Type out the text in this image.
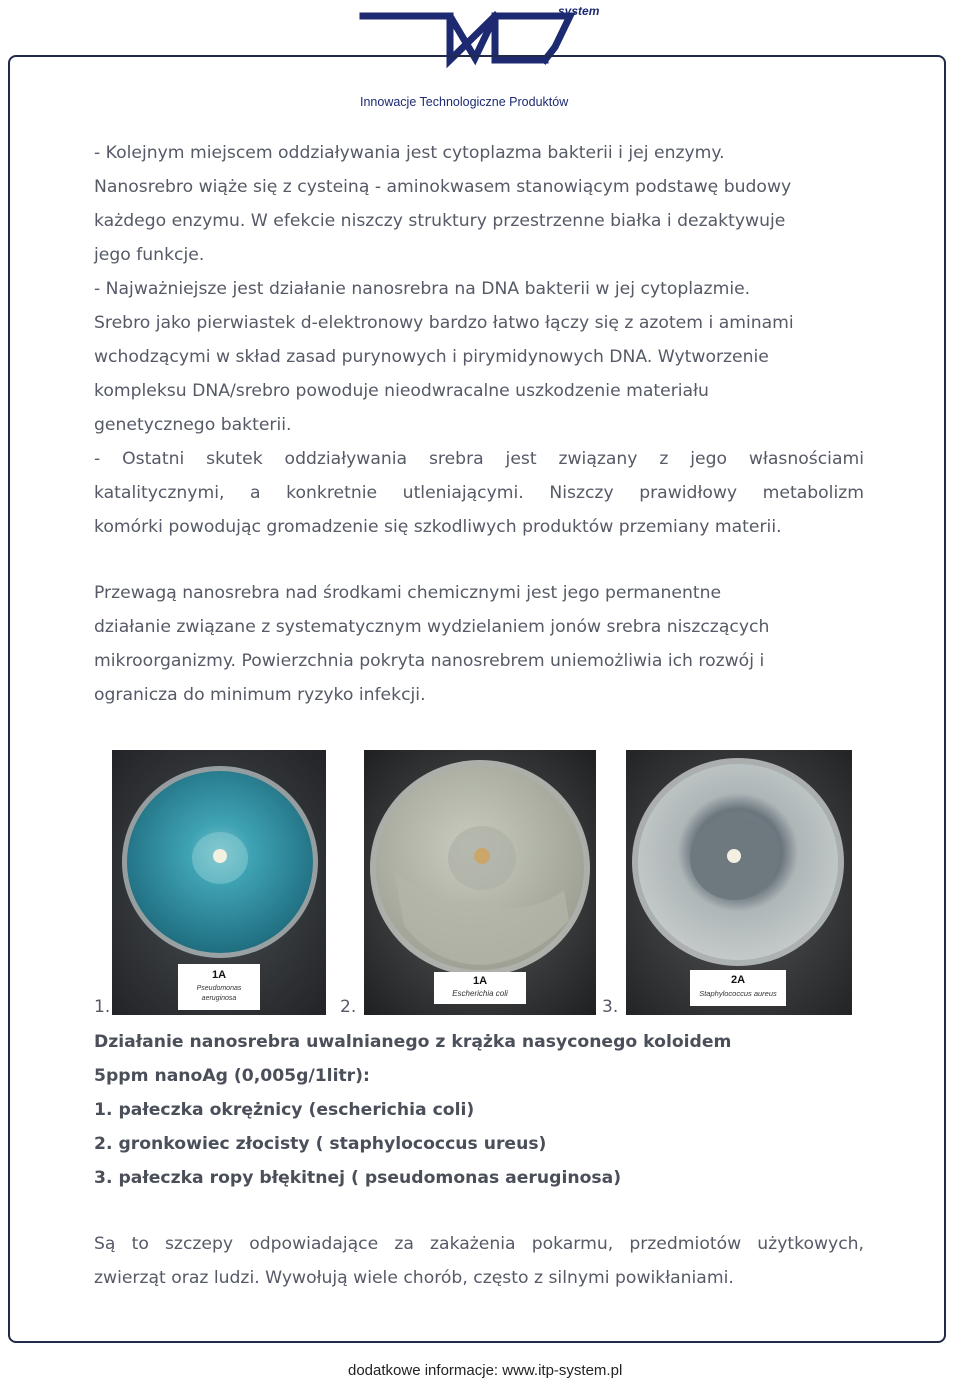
system
Innowacje Technologiczne Produktów

- Kolejnym miejscem oddziaływania jest cytoplazma bakterii i jej enzymy.

Nanosrebro wiąże się z cysteiną - aminokwasem stanowiącym podstawę budowy

każdego enzymu. W efekcie niszczy struktury przestrzenne białka i dezaktywuje

jego funkcje.

- Najważniejsze jest działanie nanosrebra na DNA bakterii w jej cytoplazmie.

Srebro jako pierwiastek d-elektronowy bardzo łatwo łączy się z azotem i aminami

wchodzącymi w skład zasad purynowych i pirymidynowych DNA. Wytworzenie

kompleksu DNA/srebro powoduje nieodwracalne uszkodzenie materiału

genetycznego bakterii.

- Ostatni skutek oddziaływania srebra jest związany z jego własnościami

katalitycznymi, a konkretnie utleniającymi. Niszczy prawidłowy metabolizm

komórki powodując gromadzenie się szkodliwych produktów przemiany materii.

Przewagą nanosrebra nad środkami chemicznymi jest jego permanentne

działanie związane z systematycznym wydzielaniem jonów srebra niszczących

mikroorganizmy. Powierzchnia pokryta nanosrebrem uniemożliwia ich rozwój i

ogranicza do minimum ryzyko infekcji.

1.	2.	3.
1A
Pseudomonas
aeruginosa
1A
Escherichia coli
2A
Staphylococcus aureus

Działanie nanosrebra uwalnianego z krążka nasyconego koloidem

5ppm nanoAg (0,005g/1litr):

1. pałeczka okrężnicy (escherichia coli)

2. gronkowiec złocisty ( staphylococcus ureus)

3. pałeczka ropy błękitnej ( pseudomonas aeruginosa)

Są to szczepy odpowiadające za zakażenia pokarmu, przedmiotów użytkowych,

zwierząt oraz ludzi. Wywołują wiele chorób, często z silnymi powikłaniami.

dodatkowe informacje: www.itp-system.pl
